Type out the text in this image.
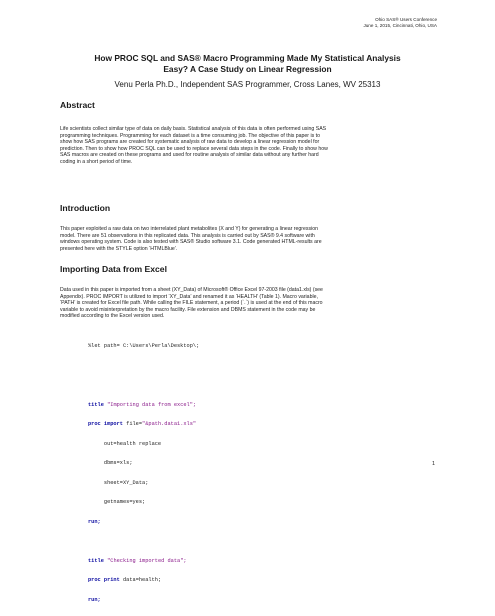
Ohio SAS® Users Conference
June 1, 2015, Cincinnati, Ohio, USA
How PROC SQL and SAS® Macro Programming Made My Statistical Analysis
Easy? A Case Study on Linear Regression
Venu Perla Ph.D., Independent SAS Programmer, Cross Lanes, WV 25313
Abstract
Life scientists collect similar type of data on daily basis. Statistical analysis of this data is often performed using SAS
programming techniques. Programming for each dataset is a time consuming job. The objective of this paper is to
show how SAS programs are created for systematic analysis of raw data to develop a linear regression model for
prediction. Then to show how PROC SQL can be used to replace several data steps in the code. Finally to show how
SAS macros are created on these programs and used for routine analysis of similar data without any further hard
coding in a short period of time.
Introduction
This paper exploited a raw data on two interrelated plant metabolites (X and Y) for generating a linear regression
model. There are 51 observations in this replicated data. This analysis is carried out by SAS® 9.4 software with
windows operating system. Code is also tested with SAS® Studio software 3.1. Code generated HTML-results are
presented here with the STYLE option ‘HTMLBlue’.
Importing Data from Excel
Data used in this paper is imported from a sheet (XY_Data) of Microsoft® Office Excel 97-2003 file (data1.xls) (see
Appendix). PROC IMPORT is utilized to import ‘XY_Data’ and renamed it as ‘HEALTH’ (Table 1). Macro variable,
‘PATH’ is created for Excel file path. While calling the FILE statement, a period (`.`) is used at the end of this macro
variable to avoid misinterpretation by the macro facility. File extension and DBMS statement in the code may be
modified according to the Excel version used.

%let path= C:\Users\Perla\Desktop\;

title "Importing data from excel";

proc import file="&path.data1.xls"

out=health replace

dbms=xls;

sheet=XY_Data;

getnames=yes;

run;

title "Checking imported data";

proc print data=health;

run;

1
